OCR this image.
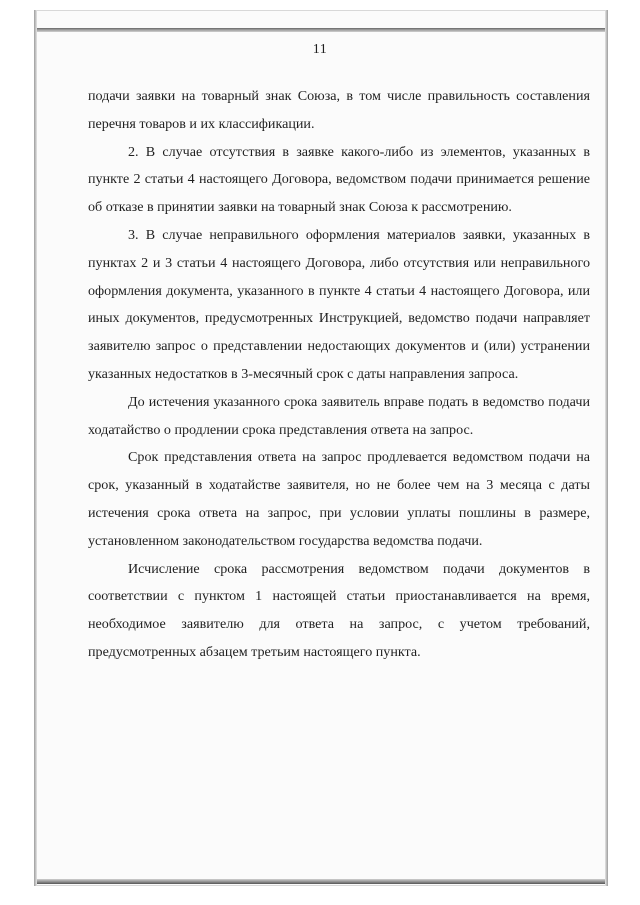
11

подачи заявки на товарный знак Союза, в том числе правильность составления перечня товаров и их классификации.

2. В случае отсутствия в заявке какого-либо из элементов, указанных в пункте 2 статьи 4 настоящего Договора, ведомством подачи принимается решение об отказе в принятии заявки на товарный знак Союза к рассмотрению.

3. В случае неправильного оформления материалов заявки, указанных в пунктах 2 и 3 статьи 4 настоящего Договора, либо отсутствия или неправильного оформления документа, указанного в пункте 4 статьи 4 настоящего Договора, или иных документов, предусмотренных Инструкцией, ведомство подачи направляет заявителю запрос о представлении недостающих документов и (или) устранении указанных недостатков в 3-месячный срок с даты направления запроса.

До истечения указанного срока заявитель вправе подать в ведомство подачи ходатайство о продлении срока представления ответа на запрос.

Срок представления ответа на запрос продлевается ведомством подачи на срок, указанный в ходатайстве заявителя, но не более чем на 3 месяца с даты истечения срока ответа на запрос, при условии уплаты пошлины в размере, установленном законодательством государства ведомства подачи.

Исчисление срока рассмотрения ведомством подачи документов в соответствии с пунктом 1 настоящей статьи приостанавливается на время, необходимое заявителю для ответа на запрос, с учетом требований, предусмотренных абзацем третьим настоящего пункта.
